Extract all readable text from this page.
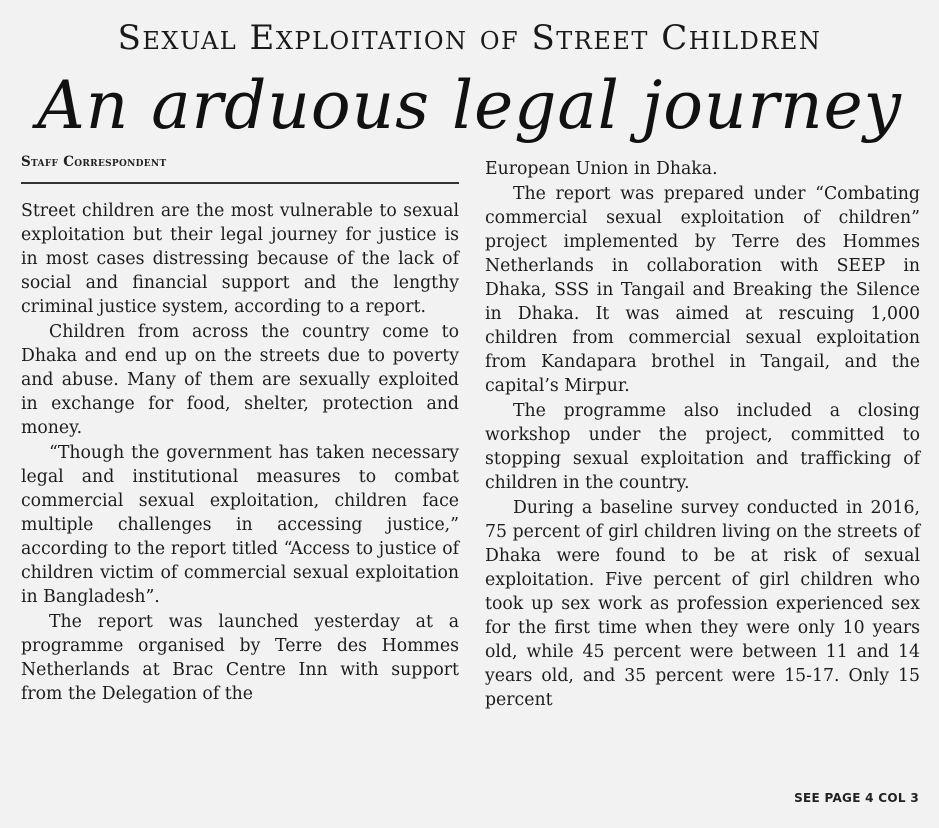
Sexual Exploitation of Street Children
An arduous legal journey
Staff Correspondent

Street children are the most vulnerable to sexual exploitation but their legal journey for justice is in most cases distressing because of the lack of social and financial support and the lengthy criminal justice system, according to a report.

Children from across the country come to Dhaka and end up on the streets due to poverty and abuse. Many of them are sexually exploited in exchange for food, shelter, protection and money.

“Though the government has taken necessary legal and institutional measures to combat commercial sexual exploitation, children face multiple challenges in accessing justice,” according to the report titled “Access to justice of children victim of commercial sexual exploitation in Bangladesh”.

The report was launched yesterday at a programme organised by Terre des Hommes Netherlands at Brac Centre Inn with support from the Delegation of the

European Union in Dhaka.

The report was prepared under “Combating commercial sexual exploitation of children” project implemented by Terre des Hommes Netherlands in collaboration with SEEP in Dhaka, SSS in Tangail and Breaking the Silence in Dhaka. It was aimed at rescuing 1,000 children from commercial sexual exploitation from Kandapara brothel in Tangail, and the capital’s Mirpur.

The programme also included a closing workshop under the project, committed to stopping sexual exploitation and trafficking of children in the country.

During a baseline survey conducted in 2016, 75 percent of girl children living on the streets of Dhaka were found to be at risk of sexual exploitation. Five percent of girl children who took up sex work as profession experienced sex for the first time when they were only 10 years old, while 45 percent were between 11 and 14 years old, and 35 percent were 15-17. Only 15 percent

SEE PAGE 4 COL 3
